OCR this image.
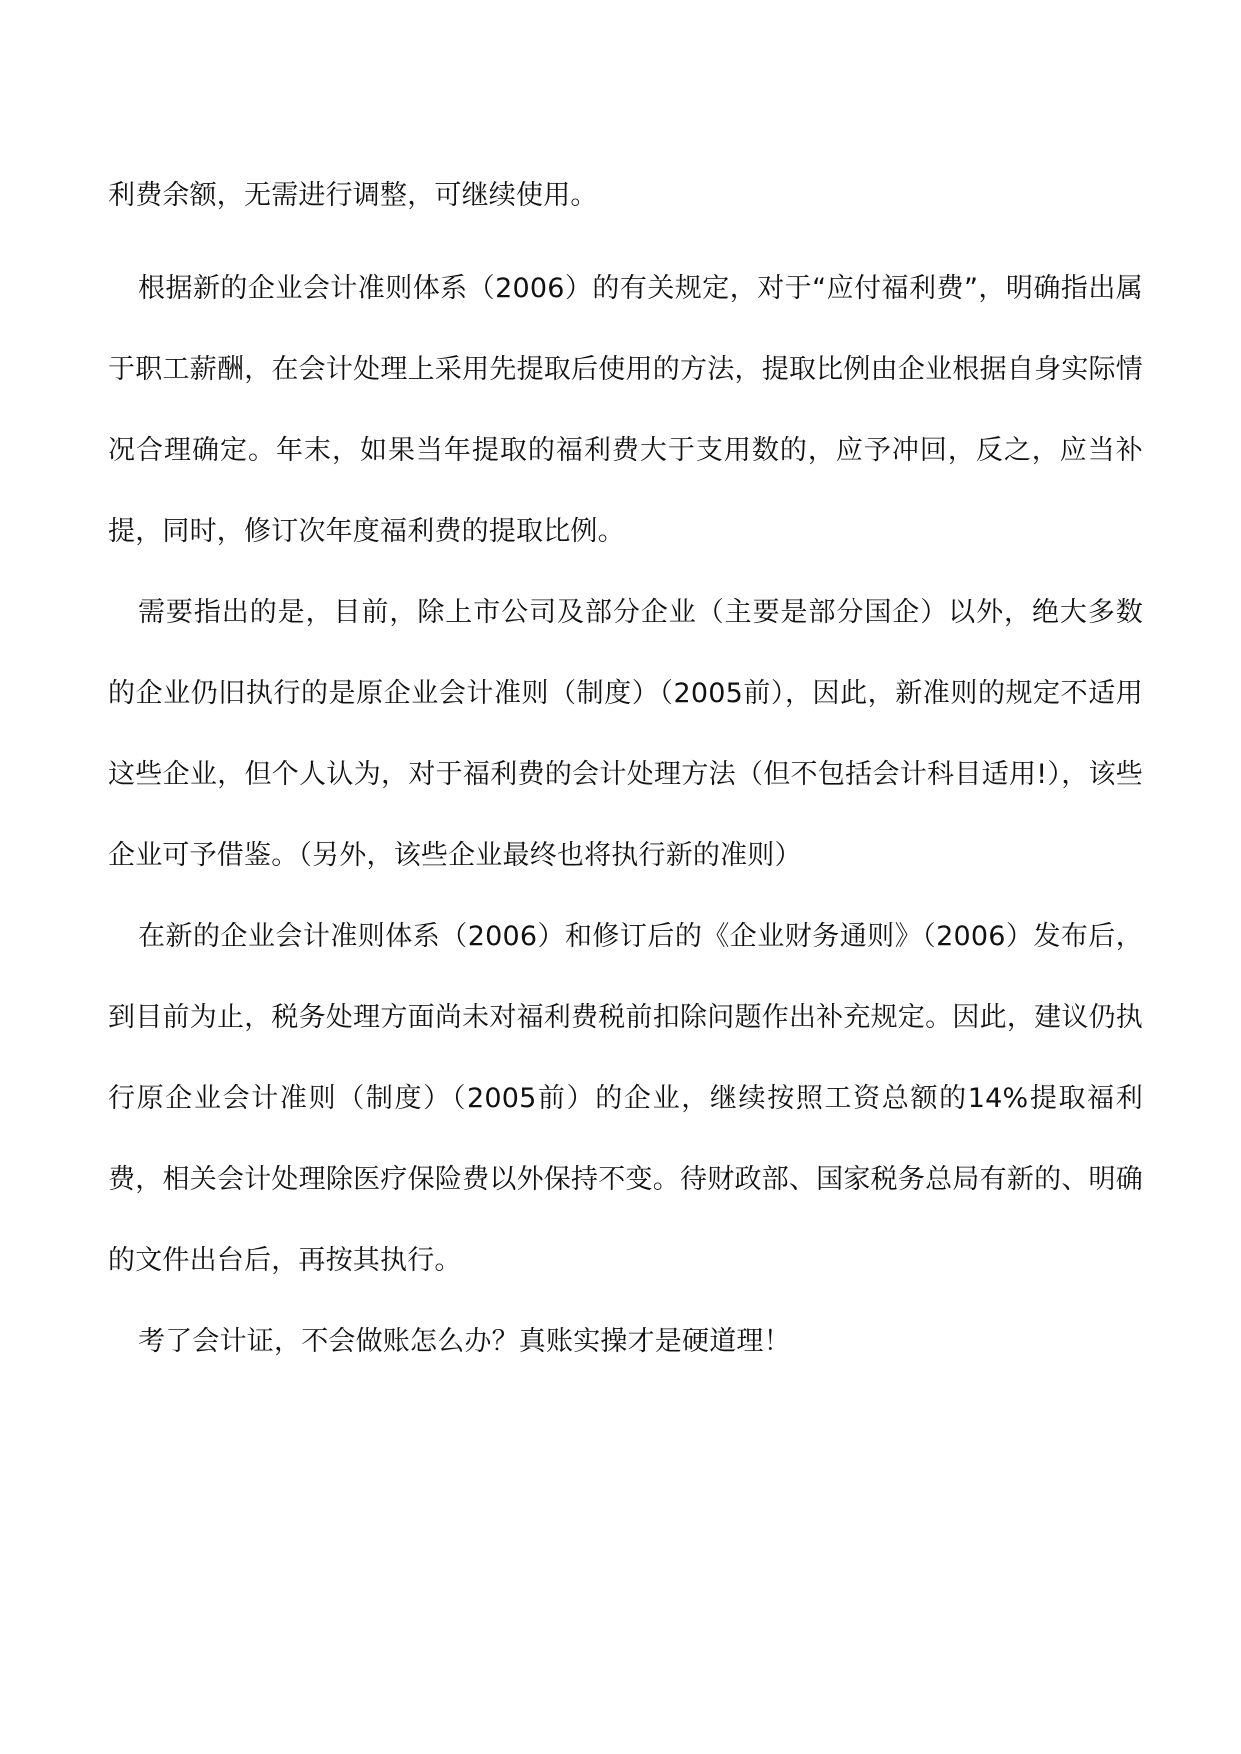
利费余额，无需进行调整，可继续使用。

根据新的企业会计准则体系（2006）的有关规定，对于“应付福利费”，明确指出属于职工薪酬，在会计处理上采用先提取后使用的方法，提取比例由企业根据自身实际情况合理确定。年末，如果当年提取的福利费大于支用数的，应予冲回，反之，应当补提，同时，修订次年度福利费的提取比例。

需要指出的是，目前，除上市公司及部分企业（主要是部分国企）以外，绝大多数的企业仍旧执行的是原企业会计准则（制度）（2005前），因此，新准则的规定不适用这些企业，但个人认为，对于福利费的会计处理方法（但不包括会计科目适用!），该些企业可予借鉴。（另外，该些企业最终也将执行新的准则）

在新的企业会计准则体系（2006）和修订后的《企业财务通则》（2006）发布后，到目前为止，税务处理方面尚未对福利费税前扣除问题作出补充规定。因此，建议仍执行原企业会计准则（制度）（2005前）的企业，继续按照工资总额的14%提取福利费，相关会计处理除医疗保险费以外保持不变。待财政部、国家税务总局有新的、明确的文件出台后，再按其执行。

考了会计证，不会做账怎么办？真账实操才是硬道理！
